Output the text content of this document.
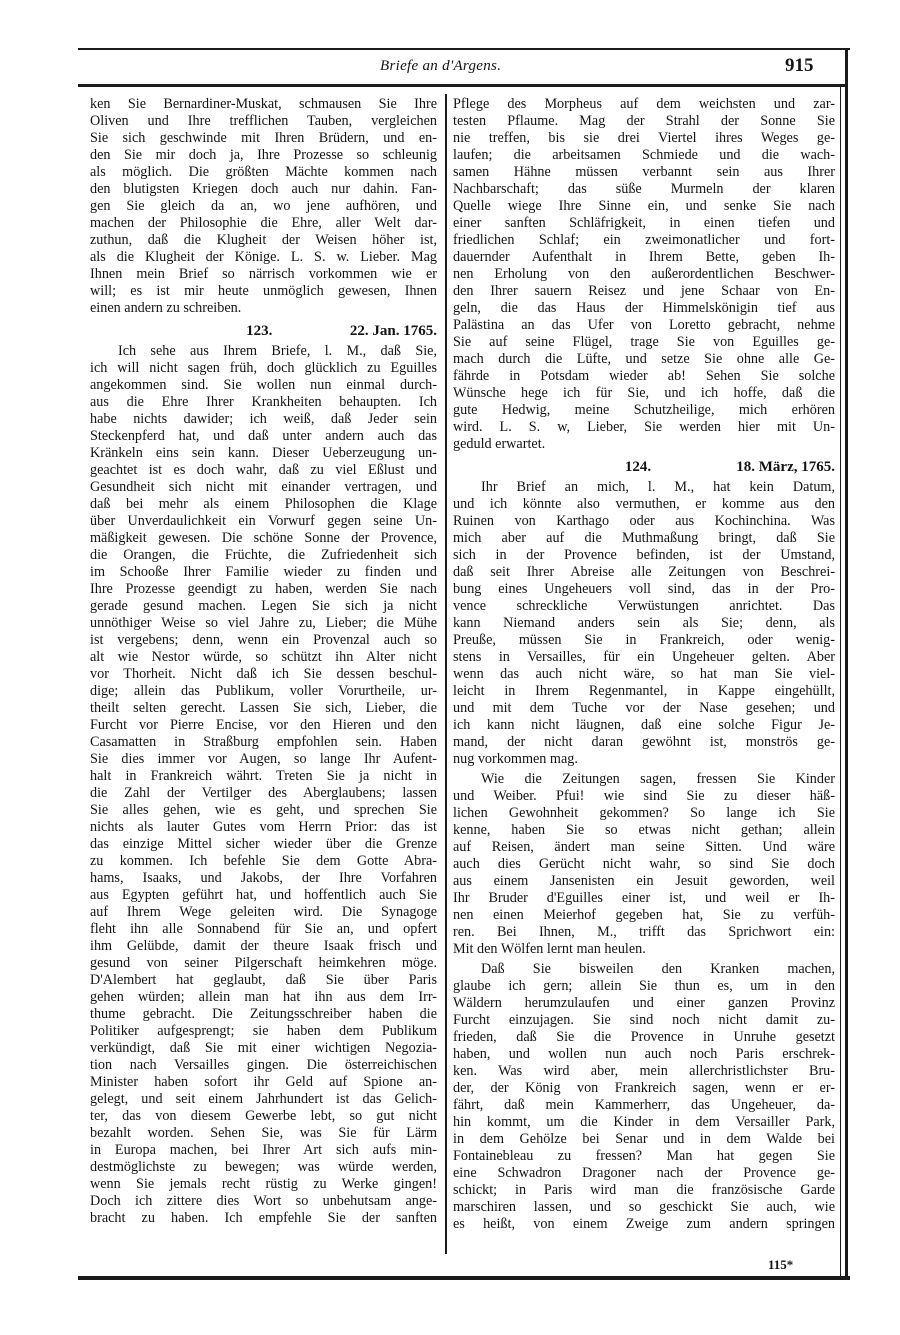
Briefe an d'Argens.	915
ken Sie Bernardiner-Muskat, schmausen Sie Ihre
Oliven und Ihre trefflichen Tauben, vergleichen
Sie sich geschwinde mit Ihren Brüdern, und en-
den Sie mir doch ja, Ihre Prozesse so schleunig
als möglich. Die größten Mächte kommen nach
den blutigsten Kriegen doch auch nur dahin. Fan-
gen Sie gleich da an, wo jene aufhören, und
machen der Philosophie die Ehre, aller Welt dar-
zuthun, daß die Klugheit der Weisen höher ist,
als die Klugheit der Könige. L. S. w. Lieber. Mag
Ihnen mein Brief so närrisch vorkommen wie er
will; es ist mir heute unmöglich gewesen, Ihnen
einen andern zu schreiben.
123.	22. Jan. 1765.
Ich sehe aus Ihrem Briefe, l. M., daß Sie,
ich will nicht sagen früh, doch glücklich zu Eguilles
angekommen sind. Sie wollen nun einmal durch-
aus die Ehre Ihrer Krankheiten behaupten. Ich
habe nichts dawider; ich weiß, daß Jeder sein
Steckenpferd hat, und daß unter andern auch das
Kränkeln eins sein kann. Dieser Ueberzeugung un-
geachtet ist es doch wahr, daß zu viel Eßlust und
Gesundheit sich nicht mit einander vertragen, und
daß bei mehr als einem Philosophen die Klage
über Unverdaulichkeit ein Vorwurf gegen seine Un-
mäßigkeit gewesen. Die schöne Sonne der Provence,
die Orangen, die Früchte, die Zufriedenheit sich
im Schooße Ihrer Familie wieder zu finden und
Ihre Prozesse geendigt zu haben, werden Sie nach
gerade gesund machen. Legen Sie sich ja nicht
unnöthiger Weise so viel Jahre zu, Lieber; die Mühe
ist vergebens; denn, wenn ein Provenzal auch so
alt wie Nestor würde, so schützt ihn Alter nicht
vor Thorheit. Nicht daß ich Sie dessen beschul-
dige; allein das Publikum, voller Vorurtheile, ur-
theilt selten gerecht. Lassen Sie sich, Lieber, die
Furcht vor Pierre Encise, vor den Hieren und den
Casamatten in Straßburg empfohlen sein. Haben
Sie dies immer vor Augen, so lange Ihr Aufent-
halt in Frankreich währt. Treten Sie ja nicht in
die Zahl der Vertilger des Aberglaubens; lassen
Sie alles gehen, wie es geht, und sprechen Sie
nichts als lauter Gutes vom Herrn Prior: das ist
das einzige Mittel sicher wieder über die Grenze
zu kommen. Ich befehle Sie dem Gotte Abra-
hams, Isaaks, und Jakobs, der Ihre Vorfahren
aus Egypten geführt hat, und hoffentlich auch Sie
auf Ihrem Wege geleiten wird. Die Synagoge
fleht ihn alle Sonnabend für Sie an, und opfert
ihm Gelübde, damit der theure Isaak frisch und
gesund von seiner Pilgerschaft heimkehren möge.
D'Alembert hat geglaubt, daß Sie über Paris
gehen würden; allein man hat ihn aus dem Irr-
thume gebracht. Die Zeitungsschreiber haben die
Politiker aufgesprengt; sie haben dem Publikum
verkündigt, daß Sie mit einer wichtigen Negozia-
tion nach Versailles gingen. Die österreichischen
Minister haben sofort ihr Geld auf Spione an-
gelegt, und seit einem Jahrhundert ist das Gelich-
ter, das von diesem Gewerbe lebt, so gut nicht
bezahlt worden. Sehen Sie, was Sie für Lärm
in Europa machen, bei Ihrer Art sich aufs min-
destmöglichste zu bewegen; was würde werden,
wenn Sie jemals recht rüstig zu Werke gingen!
Doch ich zittere dies Wort so unbehutsam ange-
bracht zu haben. Ich empfehle Sie der sanften
Pflege des Morpheus auf dem weichsten und zar-
testen Pflaume. Mag der Strahl der Sonne Sie
nie treffen, bis sie drei Viertel ihres Weges ge-
laufen; die arbeitsamen Schmiede und die wach-
samen Hähne müssen verbannt sein aus Ihrer
Nachbarschaft; das süße Murmeln der klaren
Quelle wiege Ihre Sinne ein, und senke Sie nach
einer sanften Schläfrigkeit, in einen tiefen und
friedlichen Schlaf; ein zweimonatlicher und fort-
dauernder Aufenthalt in Ihrem Bette, geben Ih-
nen Erholung von den außerordentlichen Beschwer-
den Ihrer sauern Reisez und jene Schaar von En-
geln, die das Haus der Himmelskönigin tief aus
Palästina an das Ufer von Loretto gebracht, nehme
Sie auf seine Flügel, trage Sie von Eguilles ge-
mach durch die Lüfte, und setze Sie ohne alle Ge-
fährde in Potsdam wieder ab! Sehen Sie solche
Wünsche hege ich für Sie, und ich hoffe, daß die
gute Hedwig, meine Schutzheilige, mich erhören
wird. L. S. w, Lieber, Sie werden hier mit Un-
geduld erwartet.
124.	18. März, 1765.
Ihr Brief an mich, l. M., hat kein Datum,
und ich könnte also vermuthen, er komme aus den
Ruinen von Karthago oder aus Kochinchina. Was
mich aber auf die Muthmaßung bringt, daß Sie
sich in der Provence befinden, ist der Umstand,
daß seit Ihrer Abreise alle Zeitungen von Beschrei-
bung eines Ungeheuers voll sind, das in der Pro-
vence schreckliche Verwüstungen anrichtet. Das
kann Niemand anders sein als Sie; denn, als
Preuße, müssen Sie in Frankreich, oder wenig-
stens in Versailles, für ein Ungeheuer gelten. Aber
wenn das auch nicht wäre, so hat man Sie viel-
leicht in Ihrem Regenmantel, in Kappe eingehüllt,
und mit dem Tuche vor der Nase gesehen; und
ich kann nicht läugnen, daß eine solche Figur Je-
mand, der nicht daran gewöhnt ist, monströs ge-
nug vorkommen mag.
Wie die Zeitungen sagen, fressen Sie Kinder
und Weiber. Pfui! wie sind Sie zu dieser häß-
lichen Gewohnheit gekommen? So lange ich Sie
kenne, haben Sie so etwas nicht gethan; allein
auf Reisen, ändert man seine Sitten. Und wäre
auch dies Gerücht nicht wahr, so sind Sie doch
aus einem Jansenisten ein Jesuit geworden, weil
Ihr Bruder d'Eguilles einer ist, und weil er Ih-
nen einen Meierhof gegeben hat, Sie zu verfüh-
ren. Bei Ihnen, M., trifft das Sprichwort ein:
Mit den Wölfen lernt man heulen.
Daß Sie bisweilen den Kranken machen,
glaube ich gern; allein Sie thun es, um in den
Wäldern herumzulaufen und einer ganzen Provinz
Furcht einzujagen. Sie sind noch nicht damit zu-
frieden, daß Sie die Provence in Unruhe gesetzt
haben, und wollen nun auch noch Paris erschrek-
ken. Was wird aber, mein allerchristlichster Bru-
der, der König von Frankreich sagen, wenn er er-
fährt, daß mein Kammerherr, das Ungeheuer, da-
hin kommt, um die Kinder in dem Versailler Park,
in dem Gehölze bei Senar und in dem Walde bei
Fontainebleau zu fressen? Man hat gegen Sie
eine Schwadron Dragoner nach der Provence ge-
schickt; in Paris wird man die französische Garde
marschiren lassen, und so geschickt Sie auch, wie
es heißt, von einem Zweige zum andern springen
115*
